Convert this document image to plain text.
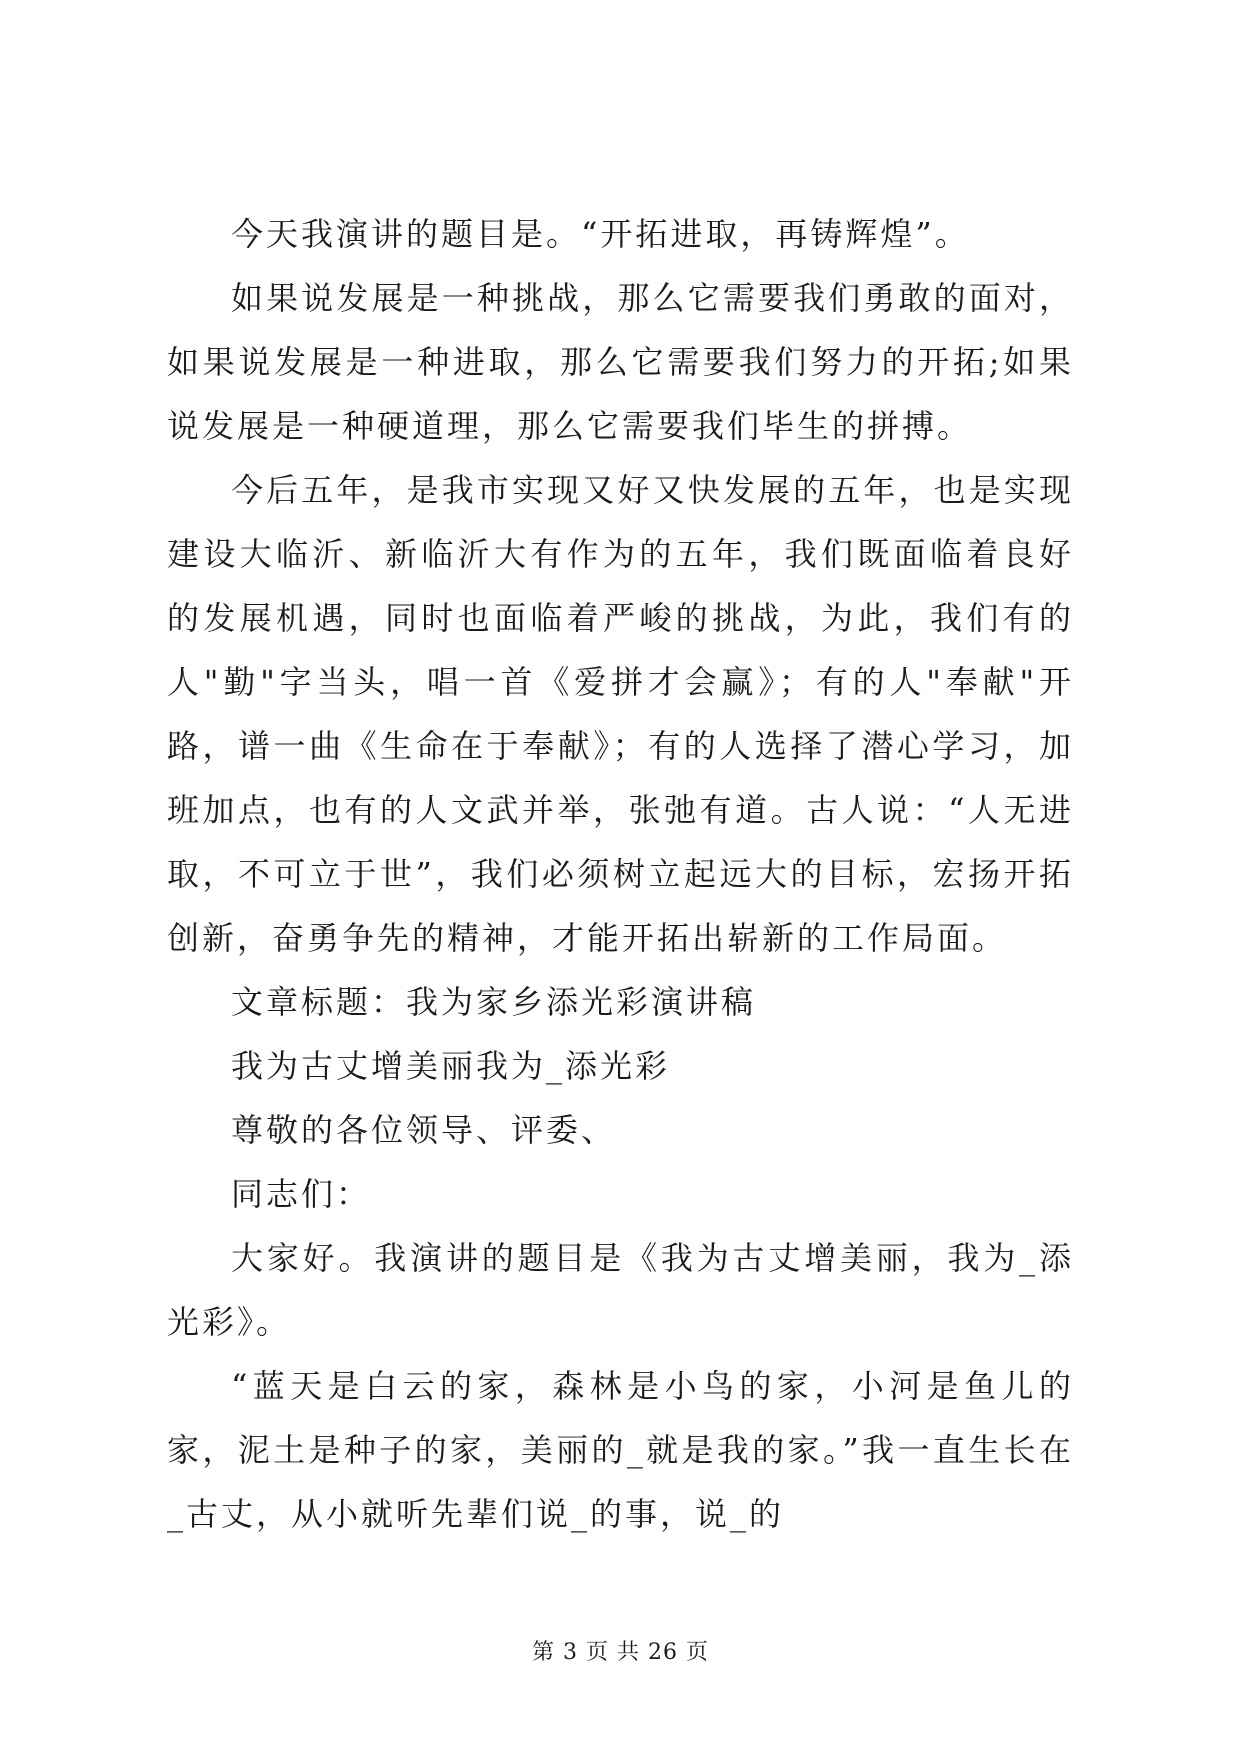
今天我演讲的题目是。“开拓进取，再铸辉煌”。

如果说发展是一种挑战，那么它需要我们勇敢的面对，如果说发展是一种进取，那么它需要我们努力的开拓;如果说发展是一种硬道理，那么它需要我们毕生的拼搏。

今后五年，是我市实现又好又快发展的五年，也是实现建设大临沂、新临沂大有作为的五年，我们既面临着良好的发展机遇，同时也面临着严峻的挑战，为此，我们有的人"勤"字当头，唱一首《爱拼才会赢》；有的人"奉献"开路，谱一曲《生命在于奉献》；有的人选择了潜心学习，加班加点，也有的人文武并举，张弛有道。古人说：“人无进取，不可立于世”，我们必须树立起远大的目标，宏扬开拓创新，奋勇争先的精神，才能开拓出崭新的工作局面。

文章标题：我为家乡添光彩演讲稿

我为古丈增美丽我为_添光彩

尊敬的各位领导、评委、

同志们：

大家好。我演讲的题目是《我为古丈增美丽，我为_添光彩》。

“蓝天是白云的家，森林是小鸟的家，小河是鱼儿的家，泥土是种子的家，美丽的_就是我的家。”我一直生长在_古丈，从小就听先辈们说_的事，说_的

第 3 页 共 26 页
